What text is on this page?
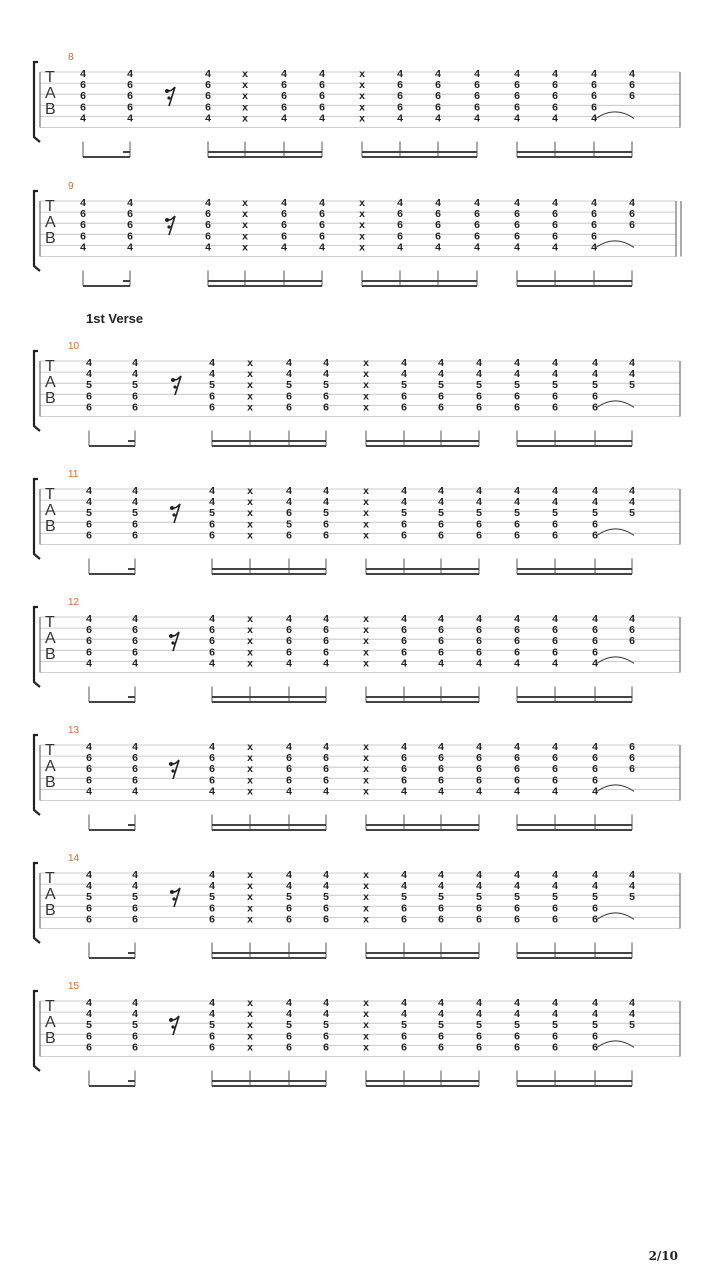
T
A
B
8
4
6
6
6
4
4
6
6
6
4
4
6
6
6
4
x
x
x
x
x
4
6
6
6
4
4
6
6
6
4
x
x
x
x
x
4
6
6
6
4
4
6
6
6
4
4
6
6
6
4
4
6
6
6
4
4
6
6
6
4
4
6
6
6
4
4
6
6
T
A
B
9
4
6
6
6
4
4
6
6
6
4
4
6
6
6
4
x
x
x
x
x
4
6
6
6
4
4
6
6
6
4
x
x
x
x
x
4
6
6
6
4
4
6
6
6
4
4
6
6
6
4
4
6
6
6
4
4
6
6
6
4
4
6
6
6
4
4
6
6
T
A
B
10
4
4
5
6
6
4
4
5
6
6
4
4
5
6
6
x
x
x
x
x
4
4
5
6
6
4
4
5
6
6
x
x
x
x
x
4
4
5
6
6
4
4
5
6
6
4
4
5
6
6
4
4
5
6
6
4
4
5
6
6
4
4
5
6
6
4
4
5
T
A
B
11
4
4
5
6
6
4
4
5
6
6
4
4
5
6
6
x
x
x
x
x
4
4
6
5
6
4
4
5
6
6
x
x
x
x
x
4
4
5
6
6
4
4
5
6
6
4
4
5
6
6
4
4
5
6
6
4
4
5
6
6
4
4
5
6
6
4
4
5
T
A
B
12
4
6
6
6
4
4
6
6
6
4
4
6
6
6
4
x
x
x
x
x
4
6
6
6
4
4
6
6
6
4
x
x
x
x
x
4
6
6
6
4
4
6
6
6
4
4
6
6
6
4
4
6
6
6
4
4
6
6
6
4
4
6
6
6
4
4
6
6
T
A
B
13
4
6
6
6
4
4
6
6
6
4
4
6
6
6
4
x
x
x
x
x
4
6
6
6
4
4
6
6
6
4
x
x
x
x
x
4
6
6
6
4
4
6
6
6
4
4
6
6
6
4
4
6
6
6
4
4
6
6
6
4
4
6
6
6
4
6
6
6
T
A
B
14
4
4
5
6
6
4
4
5
6
6
4
4
5
6
6
x
x
x
x
x
4
4
5
6
6
4
4
5
6
6
x
x
x
x
x
4
4
5
6
6
4
4
5
6
6
4
4
5
6
6
4
4
5
6
6
4
4
5
6
6
4
4
5
6
6
4
4
5
T
A
B
15
4
4
5
6
6
4
4
5
6
6
4
4
5
6
6
x
x
x
x
x
4
4
5
6
6
4
4
5
6
6
x
x
x
x
x
4
4
5
6
6
4
4
5
6
6
4
4
5
6
6
4
4
5
6
6
4
4
5
6
6
4
4
5
6
6
4
4
5
1st Verse
2/10
